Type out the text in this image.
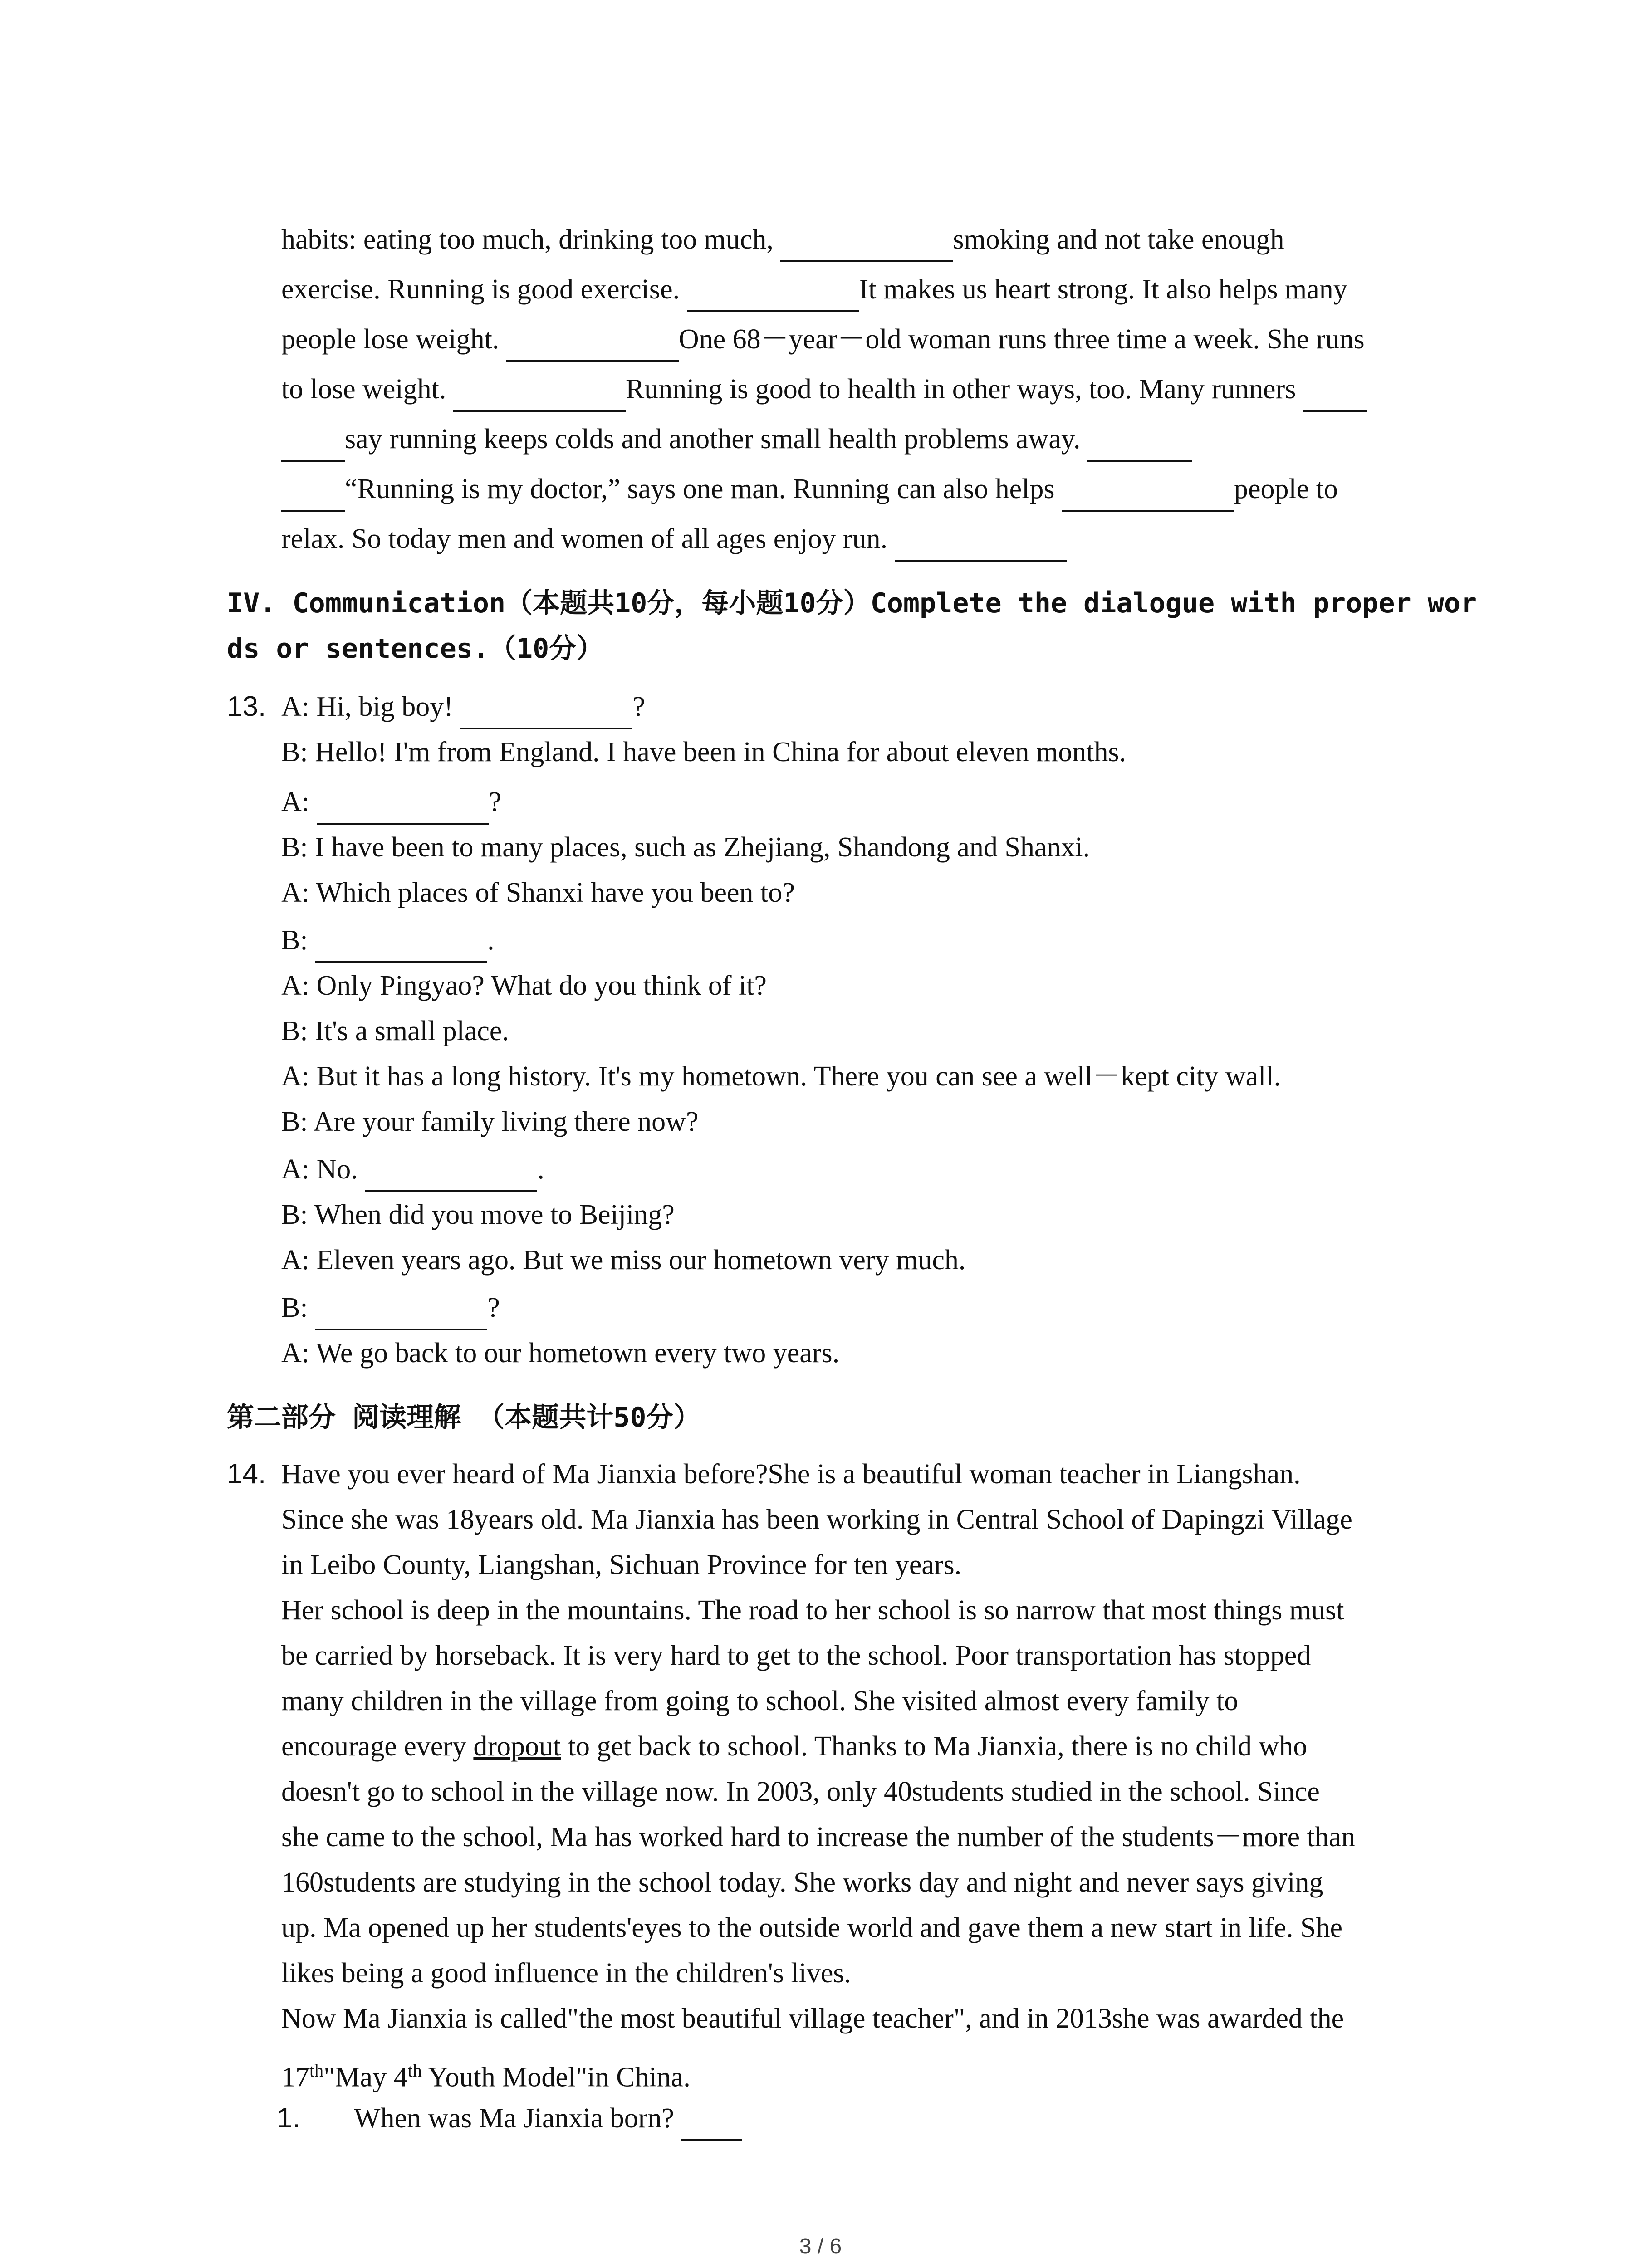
habits: eating too much, drinking too much,	smoking and not take enough
exercise. Running is good exercise.	It makes us heart strong. It also helps many
people lose weight.	One 68－year－old woman runs three time a week. She runs
to lose weight.	Running is good to health in other ways, too. Many runners
say running keeps colds and another small health problems away.
“Running is my doctor,” says one man. Running can also helps	people to
relax. So today men and women of all ages enjoy run.
IV. Communication（本题共10分，每小题10分）Complete the dialogue with proper wor
ds or sentences.（10分）
13. A: Hi, big boy!	?
B: Hello! I'm from England. I have been in China for about eleven months.
A:	?
B: I have been to many places, such as Zhejiang, Shandong and Shanxi.
A: Which places of Shanxi have you been to?
B:	.
A: Only Pingyao? What do you think of it?
B: It's a small place.
A: But it has a long history. It's my hometown. There you can see a well－kept city wall.
B: Are your family living there now?
A: No.	.
B: When did you move to Beijing?
A: Eleven years ago. But we miss our hometown very much.
B:	?
A: We go back to our hometown every two years.
第二部分 阅读理解 （本题共计50分）
14. Have you ever heard of Ma Jianxia before?She is a beautiful woman teacher in Liangshan.
Since she was 18years old. Ma Jianxia has been working in Central School of Dapingzi Village
in Leibo County, Liangshan, Sichuan Province for ten years.
Her school is deep in the mountains. The road to her school is so narrow that most things must
be carried by horseback. It is very hard to get to the school. Poor transportation has stopped
many children in the village from going to school. She visited almost every family to
encourage every dropout to get back to school. Thanks to Ma Jianxia, there is no child who
doesn't go to school in the village now. In 2003, only 40students studied in the school. Since
she came to the school, Ma has worked hard to increase the number of the students－more than
160students are studying in the school today. She works day and night and never says giving
up. Ma opened up her students'eyes to the outside world and gave them a new start in life. She
likes being a good influence in the children's lives.
Now Ma Jianxia is called"the most beautiful village teacher", and in 2013she was awarded the
17th"May 4th Youth Model"in China.
1. When was Ma Jianxia born?
3 / 6
